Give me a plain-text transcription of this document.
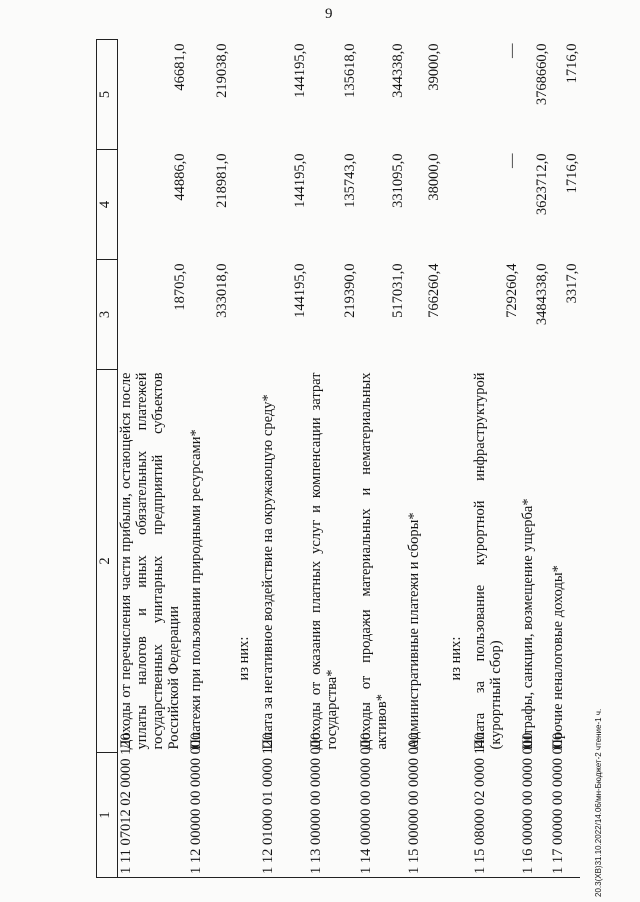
9
1	2	3	4	5
1 11 07012 02 0000 120	Доходы от перечисления части прибыли, остающейся после уплаты налогов и иных обязательных платежей государственных унитарных предприятий субъектов Российской Федерации	18705,0	44886,0	46681,0
1 12 00000 00 0000 000	Платежи при пользовании природными ресурсами*	333018,0	218981,0	219038,0
	из них:			
1 12 01000 01 0000 120	Плата за негативное воздействие на окружающую среду*	144195,0	144195,0	144195,0
1 13 00000 00 0000 000	Доходы от оказания платных услуг и компенсации затрат государства*	219390,0	135743,0	135618,0
1 14 00000 00 0000 000	Доходы от продажи материальных и нематериальных активов*	517031,0	331095,0	344338,0
1 15 00000 00 0000 000	Административные платежи и сборы*	766260,4	38000,0	39000,0
	из них:			
1 15 08000 02 0000 140	Плата за пользование курортной инфраструктурой (курортный сбор)	729260,4	—	—
1 16 00000 00 0000 000	Штрафы, санкции, возмещение ущерба*	3484338,0	3623712,0	3768660,0
1 17 00000 00 0000 000	Прочие неналоговые доходы*	3317,0	1716,0	1716,0
20.3(ХВ)31.10.2022/14.06/мн-Бюджет-2 чтение-1 ч.
